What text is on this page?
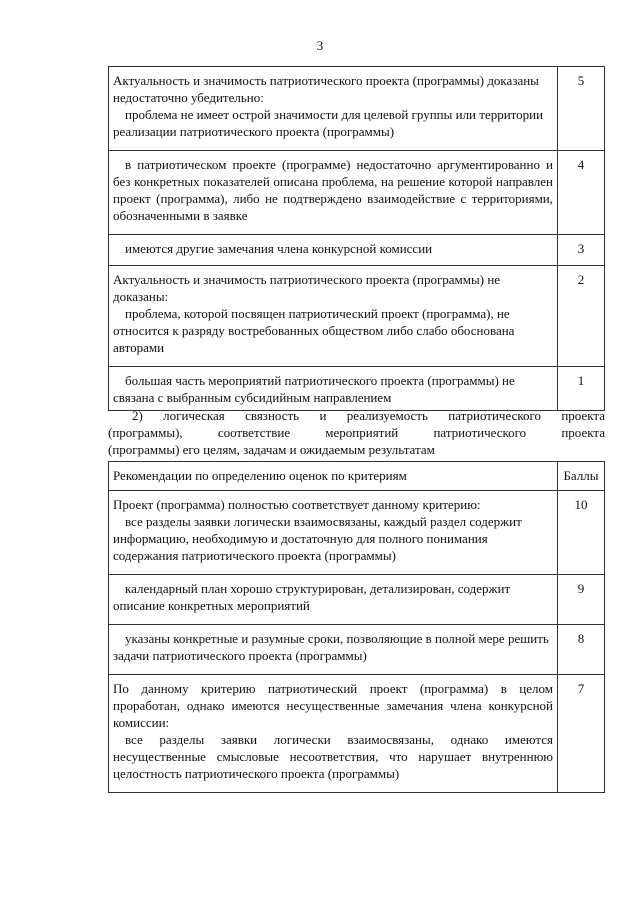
3

Актуальность и значимость патриотического проекта (программы) доказаны недостаточно убедительно:

проблема не имеет острой значимости для целевой группы или территории реализации патриотического проекта (программы)	5

в патриотическом проекте (программе) недостаточно аргументированно и без конкретных показателей описана проблема, на решение которой направлен проект (программа), либо не подтверждено взаимодействие с территориями, обозначенными в заявке	4

имеются другие замечания члена конкурсной комиссии	3

Актуальность и значимость патриотического проекта (программы) не доказаны:

проблема, которой посвящен патриотический проект (программа), не относится к разряду востребованных обществом либо слабо обоснована авторами	2

большая часть мероприятий патриотического проекта (программы) не связана с выбранным субсидийным направлением	1
2) логическая связность и реализуемость патриотического проекта
(программы), соответствие мероприятий патриотического проекта
(программы) его целям, задачам и ожидаемым результатам
Рекомендации по определению оценок по критериям	Баллы

Проект (программа) полностью соответствует данному критерию:

все разделы заявки логически взаимосвязаны, каждый раздел содержит информацию, необходимую и достаточную для полного понимания содержания патриотического проекта (программы)	10

календарный план хорошо структурирован, детализирован, содержит описание конкретных мероприятий	9

указаны конкретные и разумные сроки, позволяющие в полной мере решить задачи патриотического проекта (программы)	8

По данному критерию патриотический проект (программа) в целом проработан, однако имеются несущественные замечания члена конкурсной комиссии:

все разделы заявки логически взаимосвязаны, однако имеются несущественные смысловые несоответствия, что нарушает внутреннюю целостность патриотического проекта (программы)	7
